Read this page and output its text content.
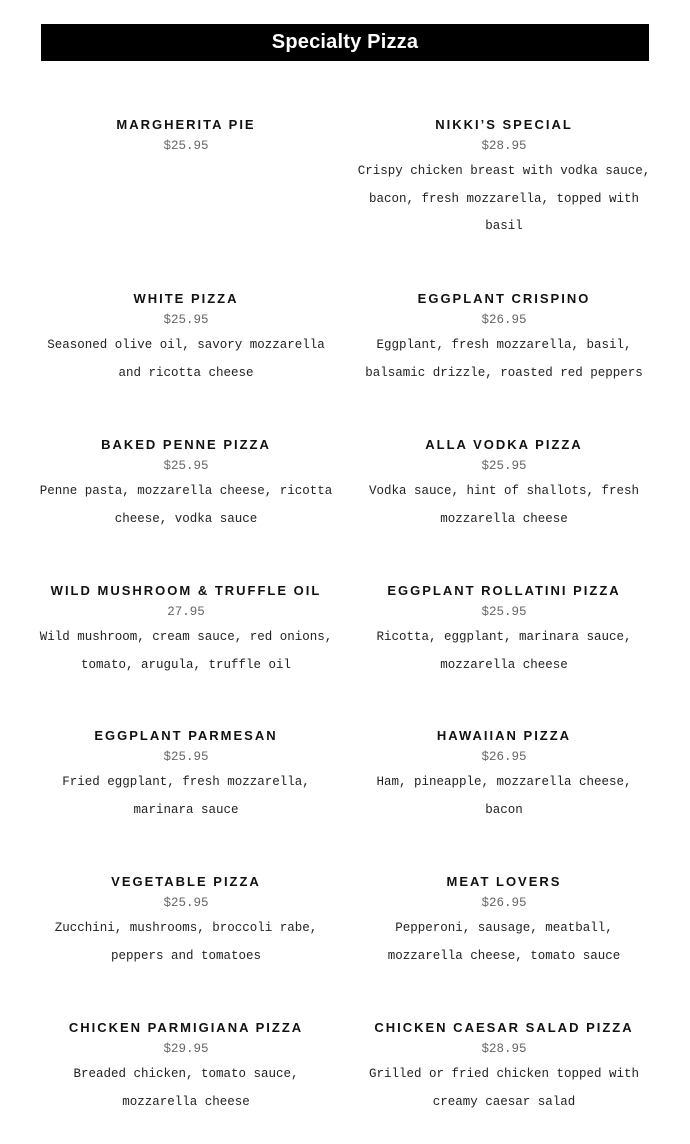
Specialty Pizza
MARGHERITA PIE
$25.95
NIKKI’S SPECIAL
$28.95
Crispy chicken breast with vodka sauce, bacon, fresh mozzarella, topped with basil
WHITE PIZZA
$25.95
Seasoned olive oil, savory mozzarella and ricotta cheese
EGGPLANT CRISPINO
$26.95
Eggplant, fresh mozzarella, basil, balsamic drizzle, roasted red peppers
BAKED PENNE PIZZA
$25.95
Penne pasta, mozzarella cheese, ricotta cheese, vodka sauce
ALLA VODKA PIZZA
$25.95
Vodka sauce, hint of shallots, fresh mozzarella cheese
WILD MUSHROOM & TRUFFLE OIL
27.95
Wild mushroom, cream sauce, red onions, tomato, arugula, truffle oil
EGGPLANT ROLLATINI PIZZA
$25.95
Ricotta, eggplant, marinara sauce, mozzarella cheese
EGGPLANT PARMESAN
$25.95
Fried eggplant, fresh mozzarella, marinara sauce
HAWAIIAN PIZZA
$26.95
Ham, pineapple, mozzarella cheese, bacon
VEGETABLE PIZZA
$25.95
Zucchini, mushrooms, broccoli rabe, peppers and tomatoes
MEAT LOVERS
$26.95
Pepperoni, sausage, meatball, mozzarella cheese, tomato sauce
CHICKEN PARMIGIANA PIZZA
$29.95
Breaded chicken, tomato sauce, mozzarella cheese
CHICKEN CAESAR SALAD PIZZA
$28.95
Grilled or fried chicken topped with creamy caesar salad
